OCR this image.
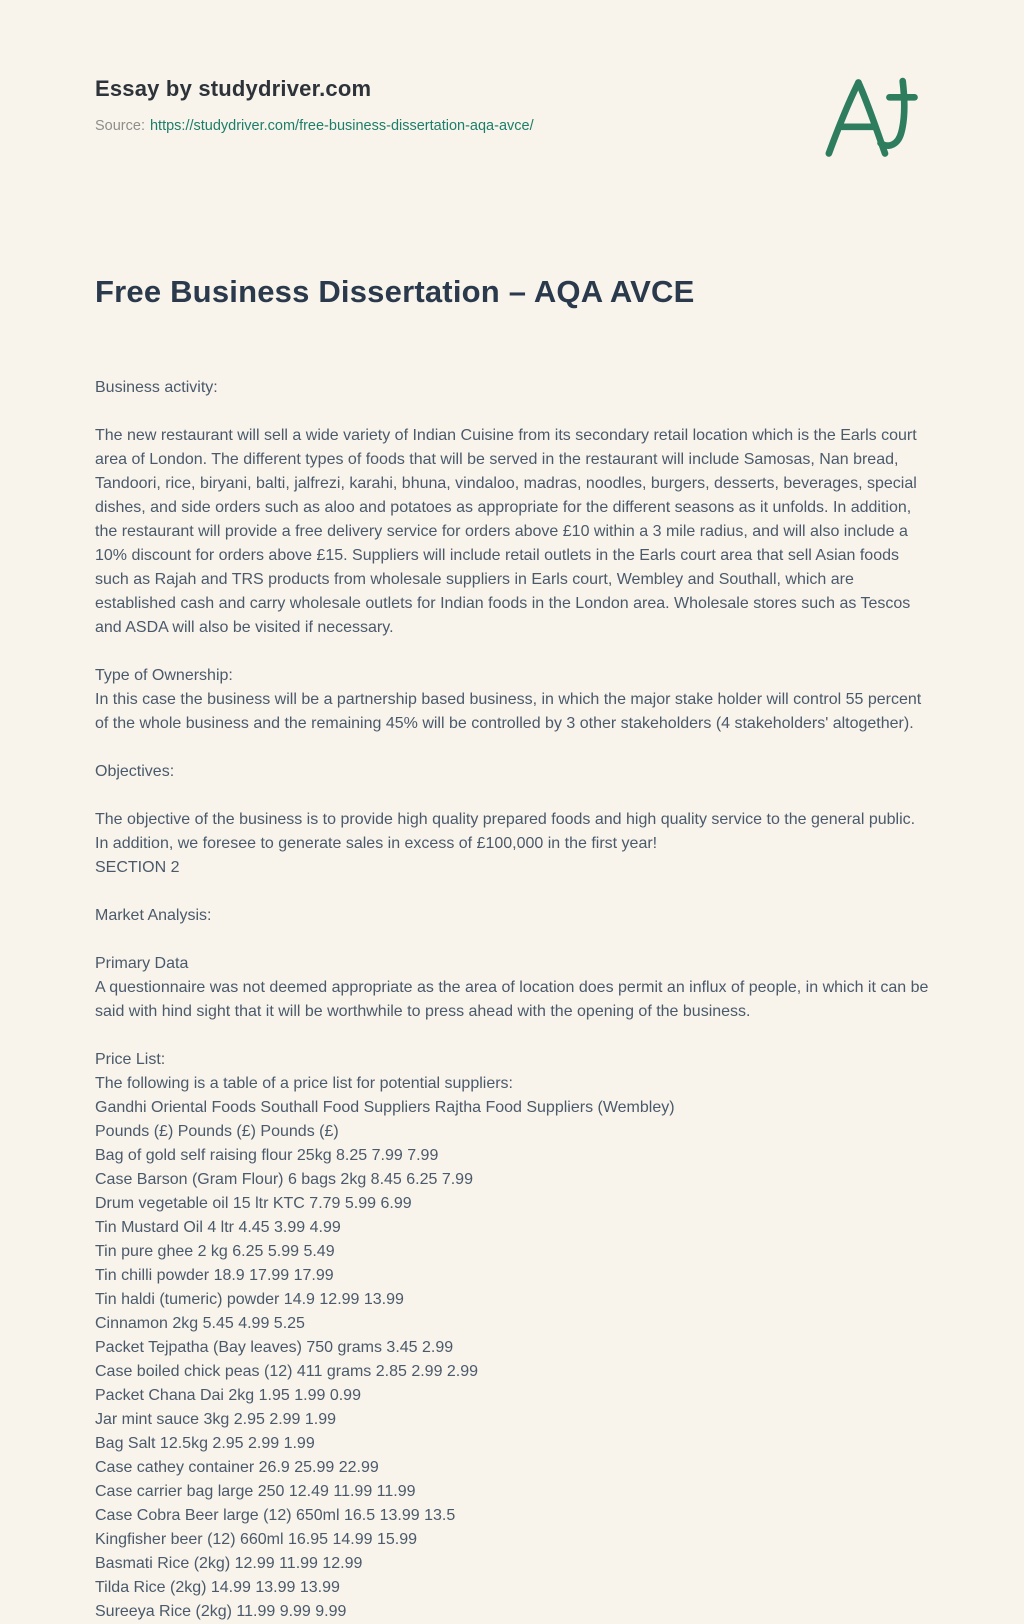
Essay by studydriver.com
Source: https://studydriver.com/free-business-dissertation-aqa-avce/
Free Business Dissertation – AQA AVCE

Business activity:

The new restaurant will sell a wide variety of Indian Cuisine from its secondary retail location which is the Earls court area of London. The different types of foods that will be served in the restaurant will include Samosas, Nan bread, Tandoori, rice, biryani, balti, jalfrezi, karahi, bhuna, vindaloo, madras, noodles, burgers, desserts, beverages, special dishes, and side orders such as aloo and potatoes as appropriate for the different seasons as it unfolds. In addition, the restaurant will provide a free delivery service for orders above £10 within a 3 mile radius, and will also include a 10% discount for orders above £15. Suppliers will include retail outlets in the Earls court area that sell Asian foods such as Rajah and TRS products from wholesale suppliers in Earls court, Wembley and Southall, which are established cash and carry wholesale outlets for Indian foods in the London area. Wholesale stores such as Tescos and ASDA will also be visited if necessary.

Type of Ownership:
In this case the business will be a partnership based business, in which the major stake holder will control 55 percent of the whole business and the remaining 45% will be controlled by 3 other stakeholders (4 stakeholders' altogether).

Objectives:

The objective of the business is to provide high quality prepared foods and high quality service to the general public. In addition, we foresee to generate sales in excess of £100,000 in the first year!
SECTION 2

Market Analysis:

Primary Data
A questionnaire was not deemed appropriate as the area of location does permit an influx of people, in which it can be said with hind sight that it will be worthwhile to press ahead with the opening of the business.

Price List:
The following is a table of a price list for potential suppliers:
Gandhi Oriental Foods Southall Food Suppliers Rajtha Food Suppliers (Wembley)
Pounds (£) Pounds (£) Pounds (£)
Bag of gold self raising flour 25kg 8.25 7.99 7.99
Case Barson (Gram Flour) 6 bags 2kg 8.45 6.25 7.99
Drum vegetable oil 15 ltr KTC 7.79 5.99 6.99
Tin Mustard Oil 4 ltr 4.45 3.99 4.99
Tin pure ghee 2 kg 6.25 5.99 5.49
Tin chilli powder 18.9 17.99 17.99
Tin haldi (tumeric) powder 14.9 12.99 13.99
Cinnamon 2kg 5.45 4.99 5.25
Packet Tejpatha (Bay leaves) 750 grams 3.45 2.99
Case boiled chick peas (12) 411 grams 2.85 2.99 2.99
Packet Chana Dai 2kg 1.95 1.99 0.99
Jar mint sauce 3kg 2.95 2.99 1.99
Bag Salt 12.5kg 2.95 2.99 1.99
Case cathey container 26.9 25.99 22.99
Case carrier bag large 250 12.49 11.99 11.99
Case Cobra Beer large (12) 650ml 16.5 13.99 13.5
Kingfisher beer (12) 660ml 16.95 14.99 15.99
Basmati Rice (2kg) 12.99 11.99 12.99
Tilda Rice (2kg) 14.99 13.99 13.99
Sureeya Rice (2kg) 11.99 9.99 9.99
